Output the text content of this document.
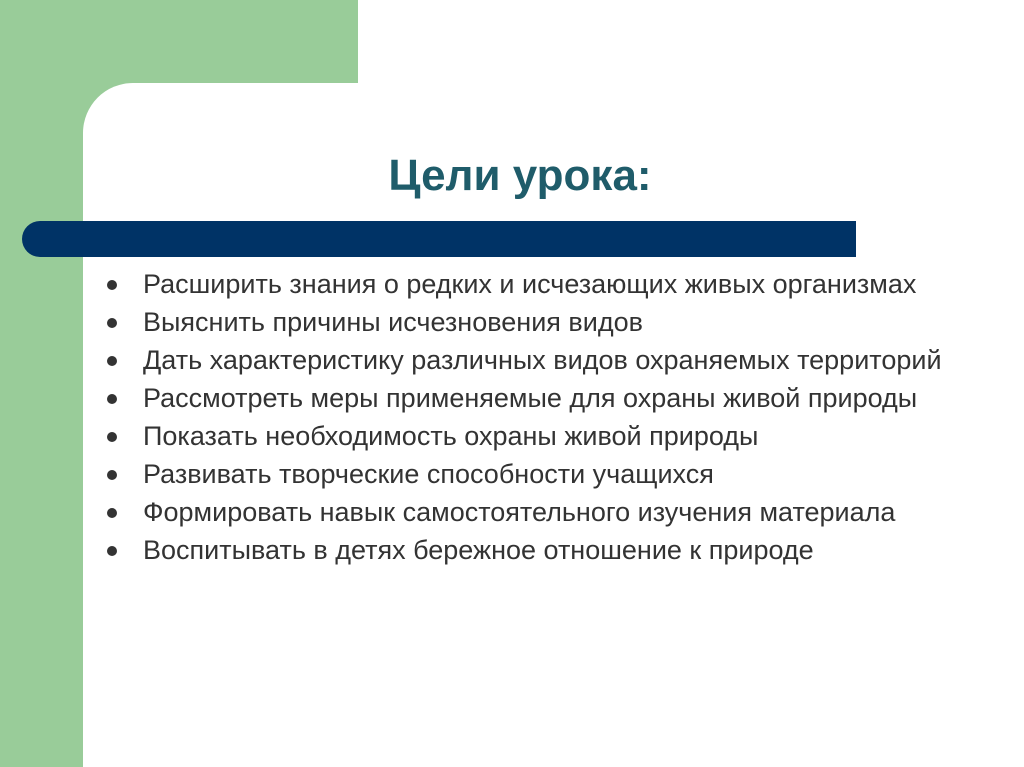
Цели урока:
Расширить знания о редких и исчезающих живых организмах
Выяснить причины исчезновения видов
Дать характеристику различных видов охраняемых территорий
Рассмотреть меры применяемые для охраны живой природы
Показать необходимость охраны живой природы
Развивать творческие способности учащихся
Формировать навык самостоятельного изучения материала
Воспитывать в детях бережное отношение к природе
